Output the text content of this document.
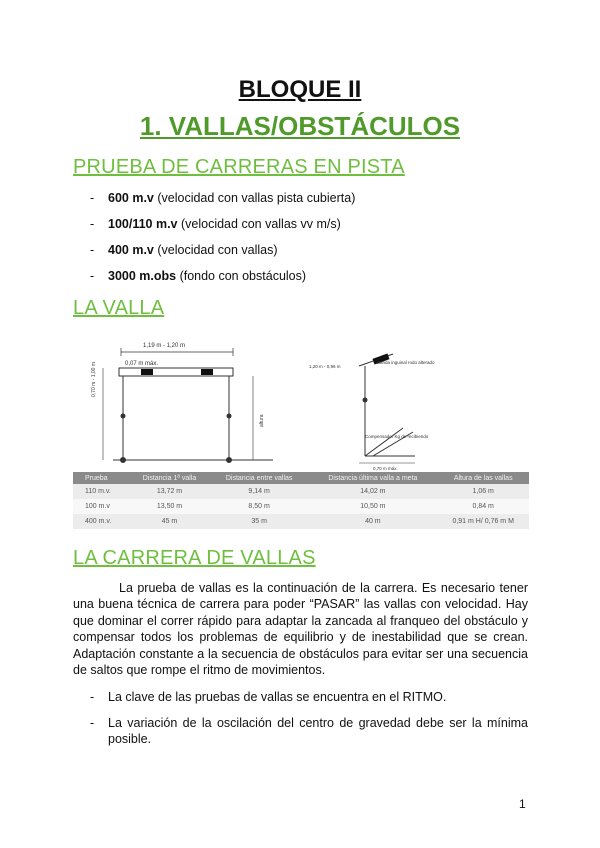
BLOQUE II
1. VALLAS/OBSTÁCULOS
PRUEBA DE CARRERAS EN PISTA
- 600 m.v (velocidad con vallas pista cubierta)
- 100/110 m.v (velocidad con vallas vv m/s)
- 400 m.v (velocidad con vallas)
- 3000 m.obs (fondo con obstáculos)
LA VALLA
1,19 m - 1,20 m
0,07 m máx.
0,70 m - 1,00 m
altura
1,20 m - 0,96 m
Banda inguinal rodo alterado
Compensador Kg de recibiendo
0,70 m máx.
Prueba	Distancia 1ª valla	Distancia entre vallas	Distancia última valla a meta	Altura de las vallas
110 m.v.	13,72 m	9,14 m	14,02 m	1,06 m
100 m.v	13,50 m	8,50 m	10,50 m	0,84 m
400 m.v.	45 m	35 m	40 m	0,91 m H/ 0,76 m M
LA CARRERA DE VALLAS
La prueba de vallas es la continuación de la carrera. Es necesario tener una buena técnica de carrera para poder “PASAR” las vallas con velocidad. Hay que dominar el correr rápido para adaptar la zancada al franqueo del obstáculo y compensar todos los problemas de equilibrio y de inestabilidad que se crean. Adaptación constante a la secuencia de obstáculos para evitar ser una secuencia de saltos que rompe el ritmo de movimientos.
- La clave de las pruebas de vallas se encuentra en el RITMO.
- La variación de la oscilación del centro de gravedad debe ser la mínima posible.
1
